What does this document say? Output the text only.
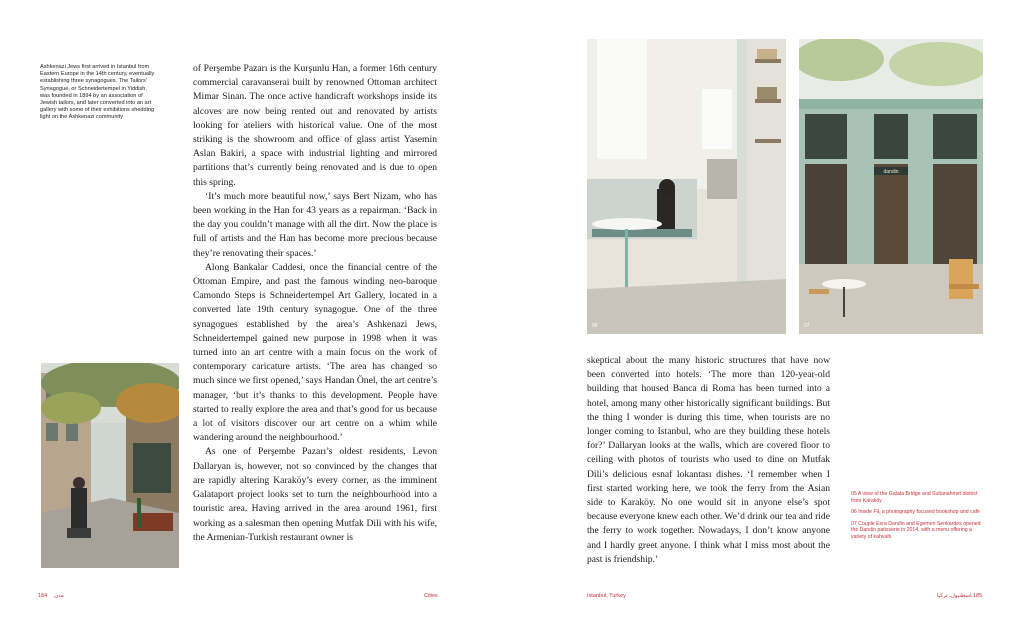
Ashkenazi Jews first arrived in Istanbul from Eastern Europe in the 14th century, eventually establishing three synagogues. The Tailors' Synagogue, or Schneidertempel in Yiddish, was founded in 1894 by an association of Jewish tailors, and later converted into an art gallery with some of their exhibitions shedding light on the Ashkenazi community

of Perşembe Pazarı is the Kurşunlu Han, a former 16th century commercial caravanserai built by renowned Ottoman architect Mimar Sinan. The once active handicraft workshops inside its alcoves are now being rented out and renovated by artists looking for ateliers with historical value. One of the most striking is the showroom and office of glass artist Yasemin Aslan Bakiri, a space with industrial lighting and mirrored partitions that’s currently being renovated and is due to open this spring.

‘It’s much more beautiful now,’ says Bert Nizam, who has been working in the Han for 43 years as a repairman. ‘Back in the day you couldn’t manage with all the dirt. Now the place is full of artists and the Han has become more precious because they’re renovating their spaces.’

Along Bankalar Caddesi, once the financial centre of the Ottoman Empire, and past the famous winding neo-baroque Camondo Steps is Schneidertempel Art Gallery, located in a converted late 19th century synagogue. One of the three synagogues established by the area’s Ashkenazi Jews, Schneidertempel gained new purpose in 1998 when it was turned into an art centre with a main focus on the work of contemporary caricature artists. ‘The area has changed so much since we first opened,’ says Handan Önel, the art centre’s manager, ‘but it’s thanks to this development. People have started to really explore the area and that’s good for us because a lot of visitors discover our art centre on a whim while wandering around the neighbourhood.’

As one of Perşembe Pazarı’s oldest residents, Levon Dallaryan is, however, not so convinced by the changes that are rapidly altering Karaköy’s every corner, as the imminent Galataport project looks set to turn the neighbourhood into a touristic area. Having arrived in the area around 1961, first working as a salesman then opening Mutfak Dili with his wife, the Armenian-Turkish restaurant owner is

06
dandin
07

skeptical about the many historic structures that have now been converted into hotels. ‘The more than 120-year-old building that housed Banca di Roma has been turned into a hotel, among many other historically significant buildings. But the thing I wonder is during this time, when tourists are no longer coming to Istanbul, who are they building these hotels for?’ Dallaryan looks at the walls, which are covered floor to ceiling with photos of tourists who used to dine on Mutfak Dili’s delicious esnaf lokantası dishes. ‘I remember when I first started working here, we took the ferry from the Asian side to Karaköy. No one would sit in anyone else’s spot because everyone knew each other. We’d drink our tea and ride the ferry to work together. Nowadays, I don’t know anyone and I hardly greet anyone. I think what I miss most about the past is friendship.’

05 A view of the Galata Bridge and Sultanahmet district from Karaköy
06 Inside Fil, a photography focused bookshop and café
07 Couple Esra Dandin and Egemen Senkardes opened the Dandin patisserie in 2014, with a menu offering a variety of kahvaltı
184 مدن	Cities	Istanbul, Turkey	اسطنبول، تركيا 185
